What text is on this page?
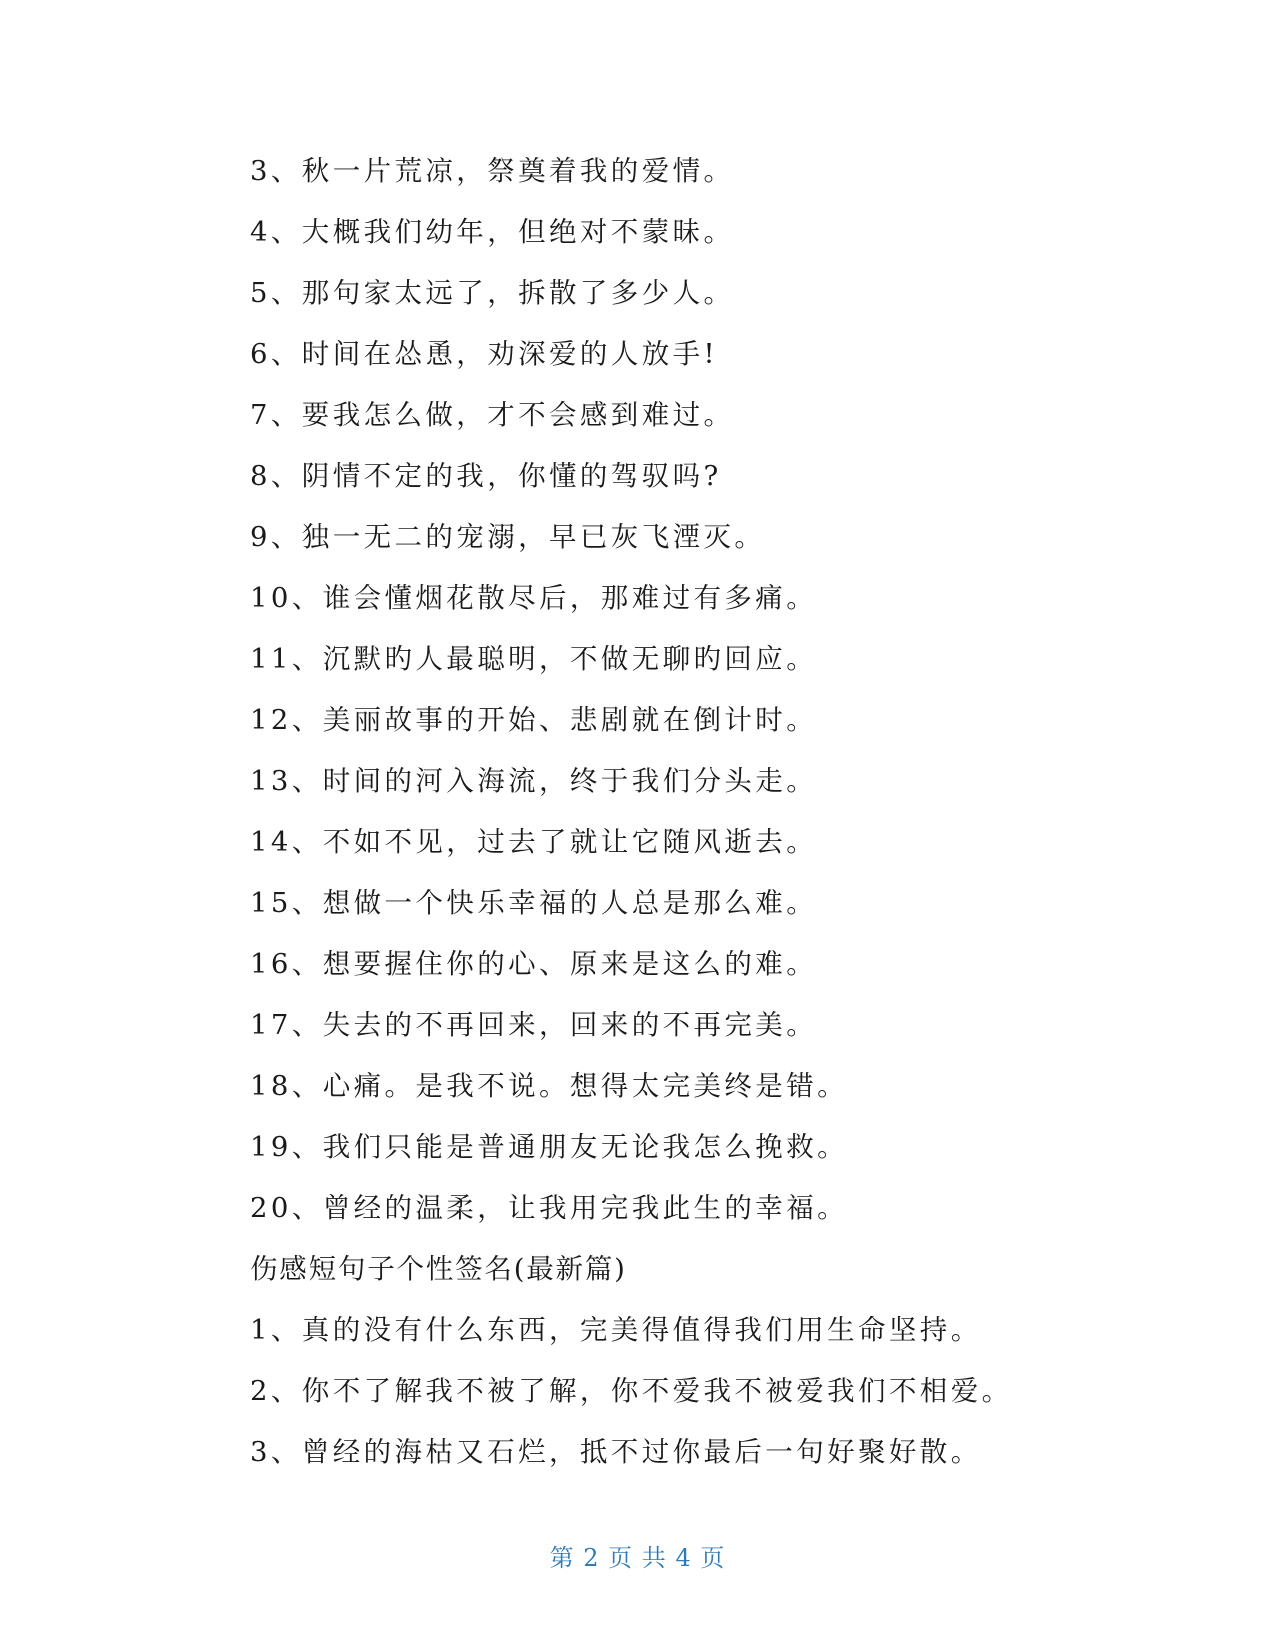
3、秋一片荒凉，祭奠着我的爱情。
4、大概我们幼年，但绝对不蒙昧。
5、那句家太远了，拆散了多少人。
6、时间在怂恿，劝深爱的人放手!
7、要我怎么做，才不会感到难过。
8、阴情不定的我，你懂的驾驭吗?
9、独一无二的宠溺，早已灰飞湮灭。
10、谁会懂烟花散尽后，那难过有多痛。
11、沉默旳人最聪明，不做无聊旳回应。
12、美丽故事的开始、悲剧就在倒计时。
13、时间的河入海流，终于我们分头走。
14、不如不见，过去了就让它随风逝去。
15、想做一个快乐幸福的人总是那么难。
16、想要握住你的心、原来是这么的难。
17、失去的不再回来，回来的不再完美。
18、心痛。是我不说。想得太完美终是错。
19、我们只能是普通朋友无论我怎么挽救。
20、曾经的温柔，让我用完我此生的幸福。
伤感短句子个性签名(最新篇)
1、真的没有什么东西，完美得值得我们用生命坚持。
2、你不了解我不被了解，你不爱我不被爱我们不相爱。
3、曾经的海枯又石烂，抵不过你最后一句好聚好散。
第 2 页 共 4 页
